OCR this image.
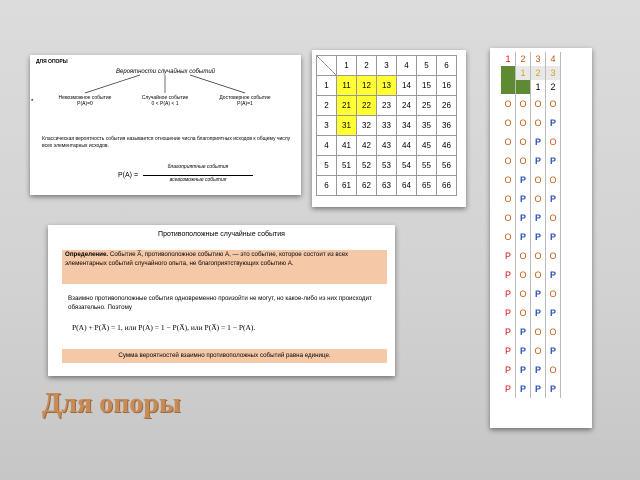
▪
ДЛЯ ОПОРЫ
Вероятности случайных событий
Невозможное событие
P(A)=0
Случайное событие
0 < P(A) < 1
Достоверное событие
P(A)=1
Классическая вероятность события называется отношение числа благоприятных исходов к общему числу всех элементарных исходов.
P(A) =
благоприятные события
всевозможные события
	1	2	3	4	5	6
1	11	12	13	14	15	16
2	21	22	23	24	25	26
3	31	32	33	34	35	36
4	41	42	43	44	45	46
5	51	52	53	54	55	56
6	61	62	63	64	65	66
Противоположные случайные события
Определение. Событие A̅, противоположное событию A, — это событие, которое состоит из всех элементарных событий случайного опыта, не благоприятствующих событию A.
Взаимно противоположные события одновременно произойти не могут, но какое-либо из них происходит обязательно. Поэтому
P(A) + P(A̅) = 1, или P(A) = 1 − P(A̅), или P(A̅) = 1 − P(A).
Сумма вероятностей взаимно противоположных событий равна единице.
1	2	3	4
	1	2	3
		1	2
О	О	О	О
О	О	О	Р
О	О	Р	О
О	О	Р	Р
О	Р	О	О
О	Р	О	Р
О	Р	Р	О
О	Р	Р	Р
Р	О	О	О
Р	О	О	Р
Р	О	Р	О
Р	О	Р	Р
Р	Р	О	О
Р	Р	О	Р
Р	Р	Р	О
Р	Р	Р	Р
Для опоры
